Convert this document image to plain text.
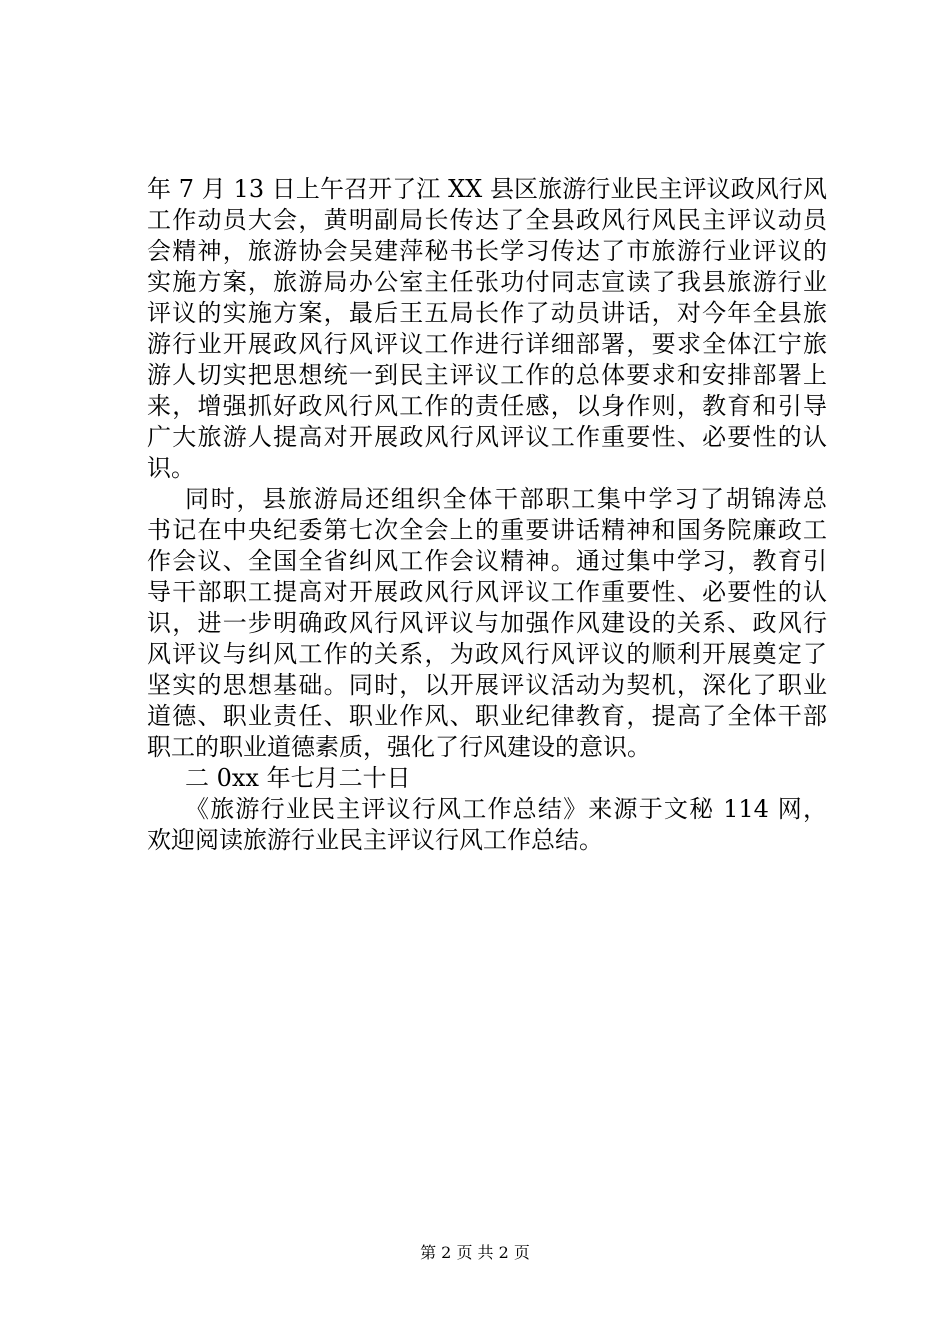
年 7 月 13 日上午召开了江 XX 县区旅游行业民主评议政风行风
工作动员大会，黄明副局长传达了全县政风行风民主评议动员
会精神，旅游协会吴建萍秘书长学习传达了市旅游行业评议的
实施方案，旅游局办公室主任张功付同志宣读了我县旅游行业
评议的实施方案，最后王五局长作了动员讲话，对今年全县旅
游行业开展政风行风评议工作进行详细部署，要求全体江宁旅
游人切实把思想统一到民主评议工作的总体要求和安排部署上
来，增强抓好政风行风工作的责任感，以身作则，教育和引导
广大旅游人提高对开展政风行风评议工作重要性、必要性的认
识。
同时，县旅游局还组织全体干部职工集中学习了胡锦涛总
书记在中央纪委第七次全会上的重要讲话精神和国务院廉政工
作会议、全国全省纠风工作会议精神。通过集中学习，教育引
导干部职工提高对开展政风行风评议工作重要性、必要性的认
识，进一步明确政风行风评议与加强作风建设的关系、政风行
风评议与纠风工作的关系，为政风行风评议的顺利开展奠定了
坚实的思想基础。同时，以开展评议活动为契机，深化了职业
道德、职业责任、职业作风、职业纪律教育，提高了全体干部
职工的职业道德素质，强化了行风建设的意识。
二 0xx 年七月二十日
《旅游行业民主评议行风工作总结》来源于文秘 114 网，
欢迎阅读旅游行业民主评议行风工作总结。
第 2 页 共 2 页
